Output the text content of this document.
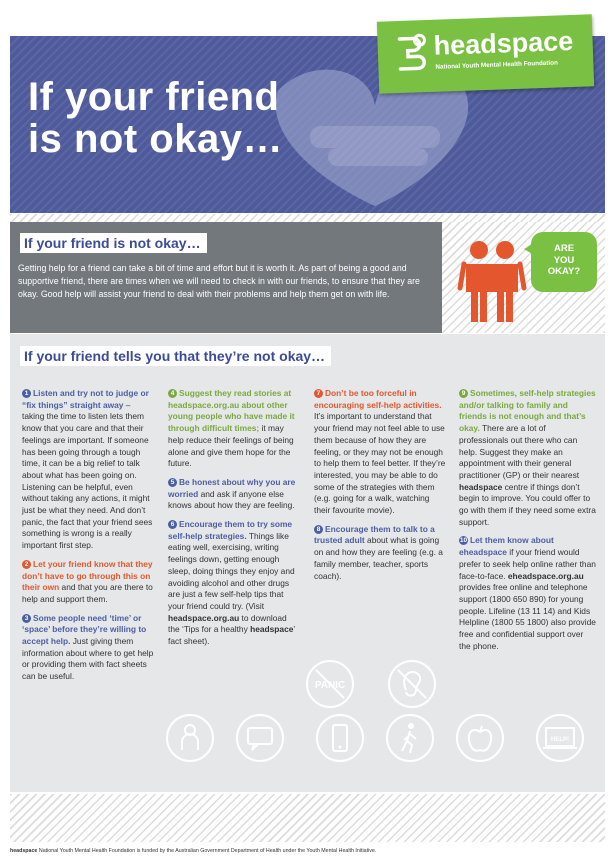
If your friend
is not okay…
headspace
National Youth Mental Health Foundation
If your friend is not okay…
Getting help for a friend can take a bit of time and effort but it is worth it. As part of being a good and supportive friend, there are times when we will need to check in with our friends, to ensure that they are okay. Good help will assist your friend to deal with their problems and help them get on with life.
ARE
YOU
OKAY?
If your friend tells you that they’re not okay…

1 Listen and try not to judge or “fix things” straight away – taking the time to listen lets them know that you care and that their feelings are important. If someone has been going through a tough time, it can be a big relief to talk about what has been going on. Listening can be helpful, even without taking any actions, it might just be what they need. And don’t panic, the fact that your friend sees something is wrong is a really important first step.

2 Let your friend know that they don’t have to go through this on their own and that you are there to help and support them.

3 Some people need ‘time’ or ‘space’ before they’re willing to accept help. Just giving them information about where to get help or providing them with fact sheets can be useful.

4 Suggest they read stories at headspace.org.au about other young people who have made it through difficult times; it may help reduce their feelings of being alone and give them hope for the future.

5 Be honest about why you are worried and ask if anyone else knows about how they are feeling.

6 Encourage them to try some self-help strategies. Things like eating well, exercising, writing feelings down, getting enough sleep, doing things they enjoy and avoiding alcohol and other drugs are just a few self-help tips that your friend could try. (Visit headspace.org.au to download the ‘Tips for a healthy headspace’ fact sheet).

7 Don’t be too forceful in encouraging self-help activities. It’s important to understand that your friend may not feel able to use them because of how they are feeling, or they may not be enough to help them to feel better. If they’re interested, you may be able to do some of the strategies with them (e.g. going for a walk, watching their favourite movie).

8 Encourage them to talk to a trusted adult about what is going on and how they are feeling (e.g. a family member, teacher, sports coach).

9 Sometimes, self-help strategies and/or talking to family and friends is not enough and that’s okay. There are a lot of professionals out there who can help. Suggest they make an appointment with their general practitioner (GP) or their nearest headspace centre if things don’t begin to improve. You could offer to go with them if they need some extra support.

10 Let them know about eheadspace if your friend would prefer to seek help online rather than face-to-face. eheadspace.org.au provides free online and telephone support (1800 650 890) for young people. Lifeline (13 11 14) and Kids Helpline (1800 55 1800) also provide free and confidential support over the phone.

PANIC
HELP!
headspace National Youth Mental Health Foundation is funded by the Australian Government Department of Health under the Youth Mental Health Initiative.
